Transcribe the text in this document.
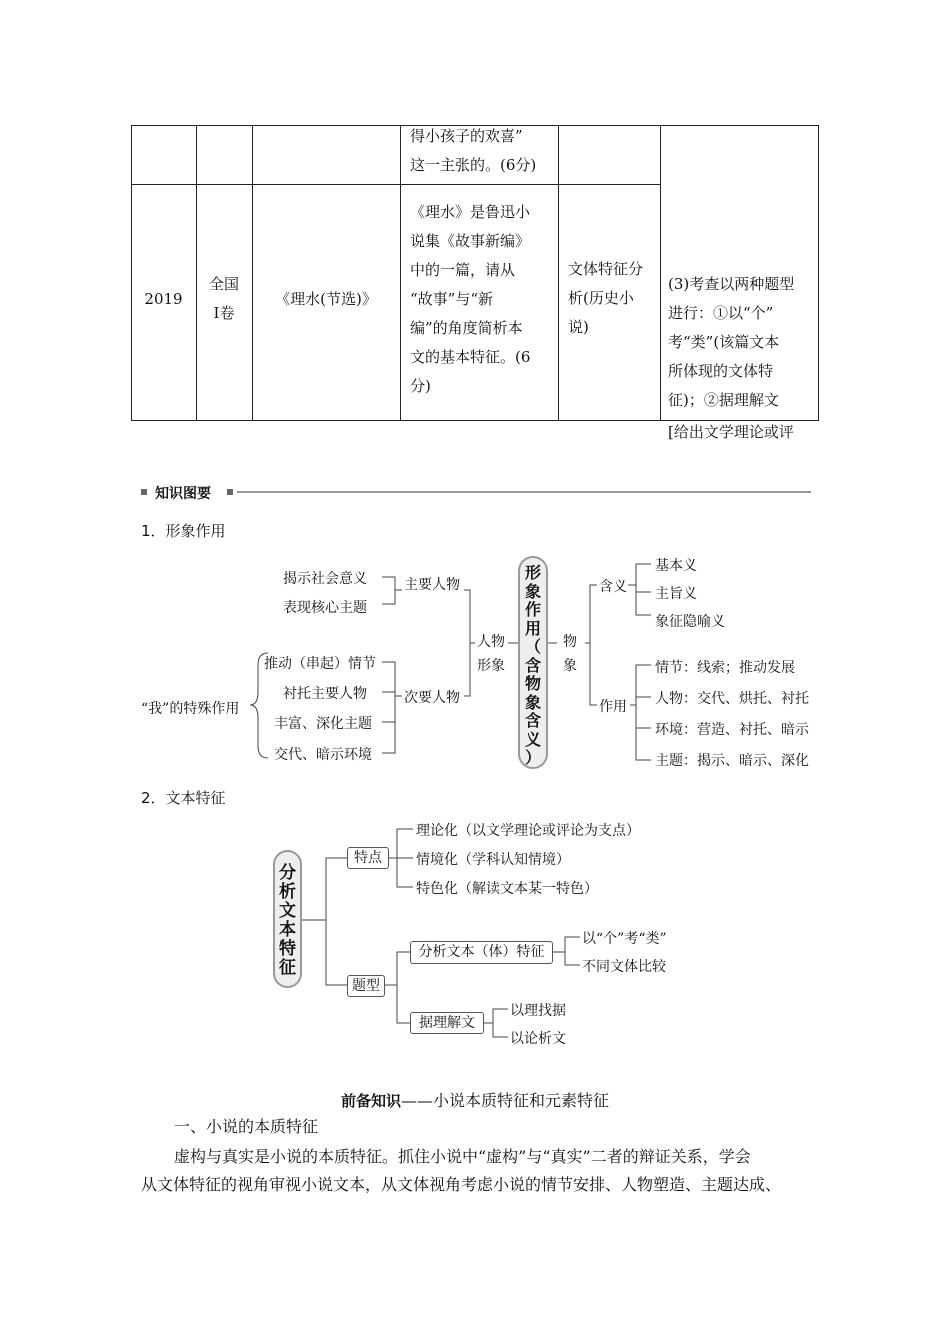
得小孩子的欢喜”
这一主张的。(6分)
2019
全国
Ⅰ卷
《理水(节选)》
《理水》是鲁迅小
说集《故事新编》
中的一篇，请从
“故事”与“新
编”的角度简析本
文的基本特征。(6
分)
文体特征分
析(历史小
说)
(3)考查以两种题型
进行：①以“个”
考“类”(该篇文本
所体现的文体特
征)；②据理解文
[给出文学理论或评
知识图要
1．形象作用
揭示社会意义
表现核心主题
主要人物
推动（串起）情节
衬托主要人物
丰富、深化主题
交代、暗示环境
次要人物
“我”的特殊作用
人物
形象
形
象
作
用
（
含
物
象
含
义
）
物
象
含义
基本义
主旨义
象征隐喻义
作用
情节：线索；推动发展
人物：交代、烘托、衬托
环境：营造、衬托、暗示
主题：揭示、暗示、深化
2．文本特征
分
析
文
本
特
征
特点
理论化（以文学理论或评论为支点）
情境化（学科认知情境）
特色化（解读文本某一特色）
题型
分析文本（体）特征
以“个”考“类”
不同文体比较
据理解文
以理找据
以论析文
前备知识——小说本质特征和元素特征
一、小说的本质特征
虚构与真实是小说的本质特征。抓住小说中“虚构”与“真实”二者的辩证关系，学会
从文体特征的视角审视小说文本，从文体视角考虑小说的情节安排、人物塑造、主题达成、
